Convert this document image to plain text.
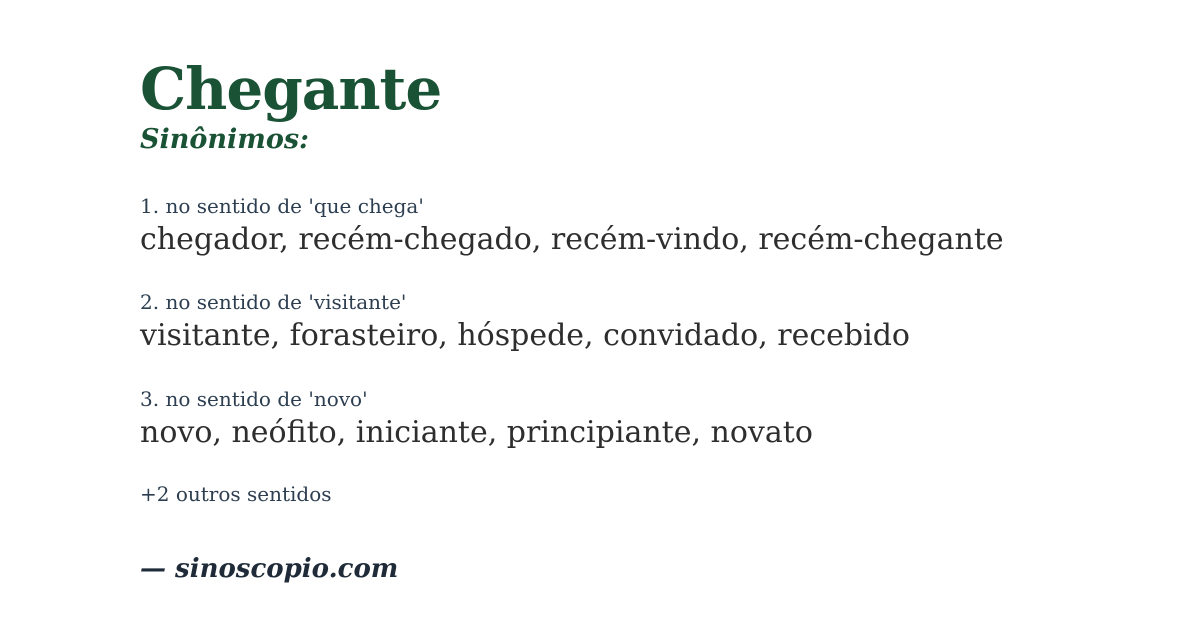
Chegante
Sinônimos:
1. no sentido de 'que chega'
chegador, recém-chegado, recém-vindo, recém-chegante
2. no sentido de 'visitante'
visitante, forasteiro, hóspede, convidado, recebido
3. no sentido de 'novo'
novo, neófito, iniciante, principiante, novato
+2 outros sentidos
— sinoscopio.com
